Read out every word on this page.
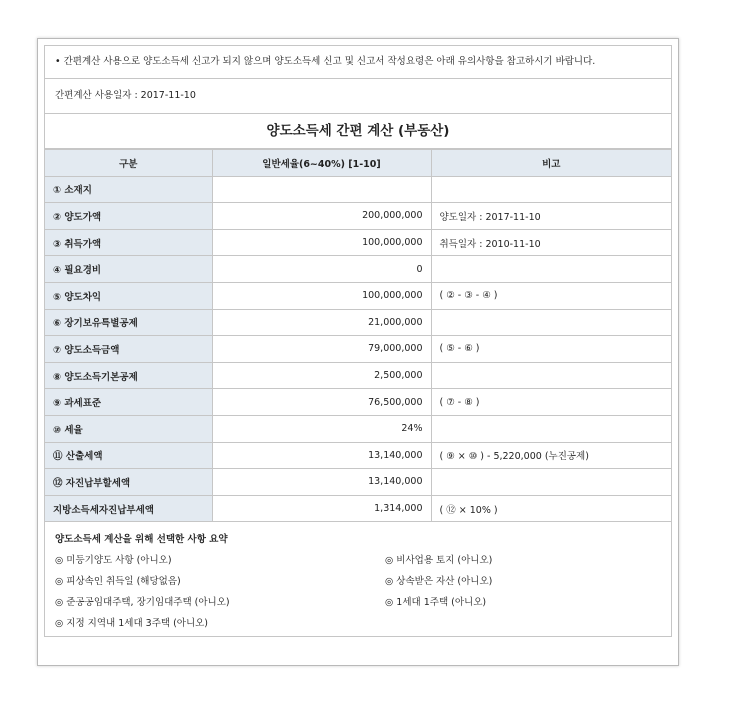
• 간편계산 사용으로 양도소득세 신고가 되지 않으며 양도소득세 신고 및 신고서 작성요령은 아래 유의사항을 참고하시기 바랍니다.
간편계산 사용일자 : 2017-11-10
양도소득세 간편 계산 (부동산)
구분	일반세율(6~40%) [1-10]	비고
① 소재지		
② 양도가액	200,000,000	양도일자 : 2017-11-10
③ 취득가액	100,000,000	취득일자 : 2010-11-10
④ 필요경비	0	
⑤ 양도차익	100,000,000	( ② - ③ - ④ )
⑥ 장기보유특별공제	21,000,000	
⑦ 양도소득금액	79,000,000	( ⑤ - ⑥ )
⑧ 양도소득기본공제	2,500,000	
⑨ 과세표준	76,500,000	( ⑦ - ⑧ )
⑩ 세율	24%	
⑪ 산출세액	13,140,000	( ⑨ × ⑩ ) - 5,220,000 (누진공제)
⑫ 자진납부할세액	13,140,000	
지방소득세자진납부세액	1,314,000	( ⑫ × 10% )
양도소득세 계산을 위해 선택한 사항 요약
◎ 미등기양도 사항 (아니오)	◎ 비사업용 토지 (아니오)
◎ 피상속인 취득일 (해당없음)	◎ 상속받은 자산 (아니오)
◎ 준공공임대주택, 장기임대주택 (아니오)	◎ 1세대 1주택 (아니오)
◎ 지정 지역내 1세대 3주택 (아니오)
